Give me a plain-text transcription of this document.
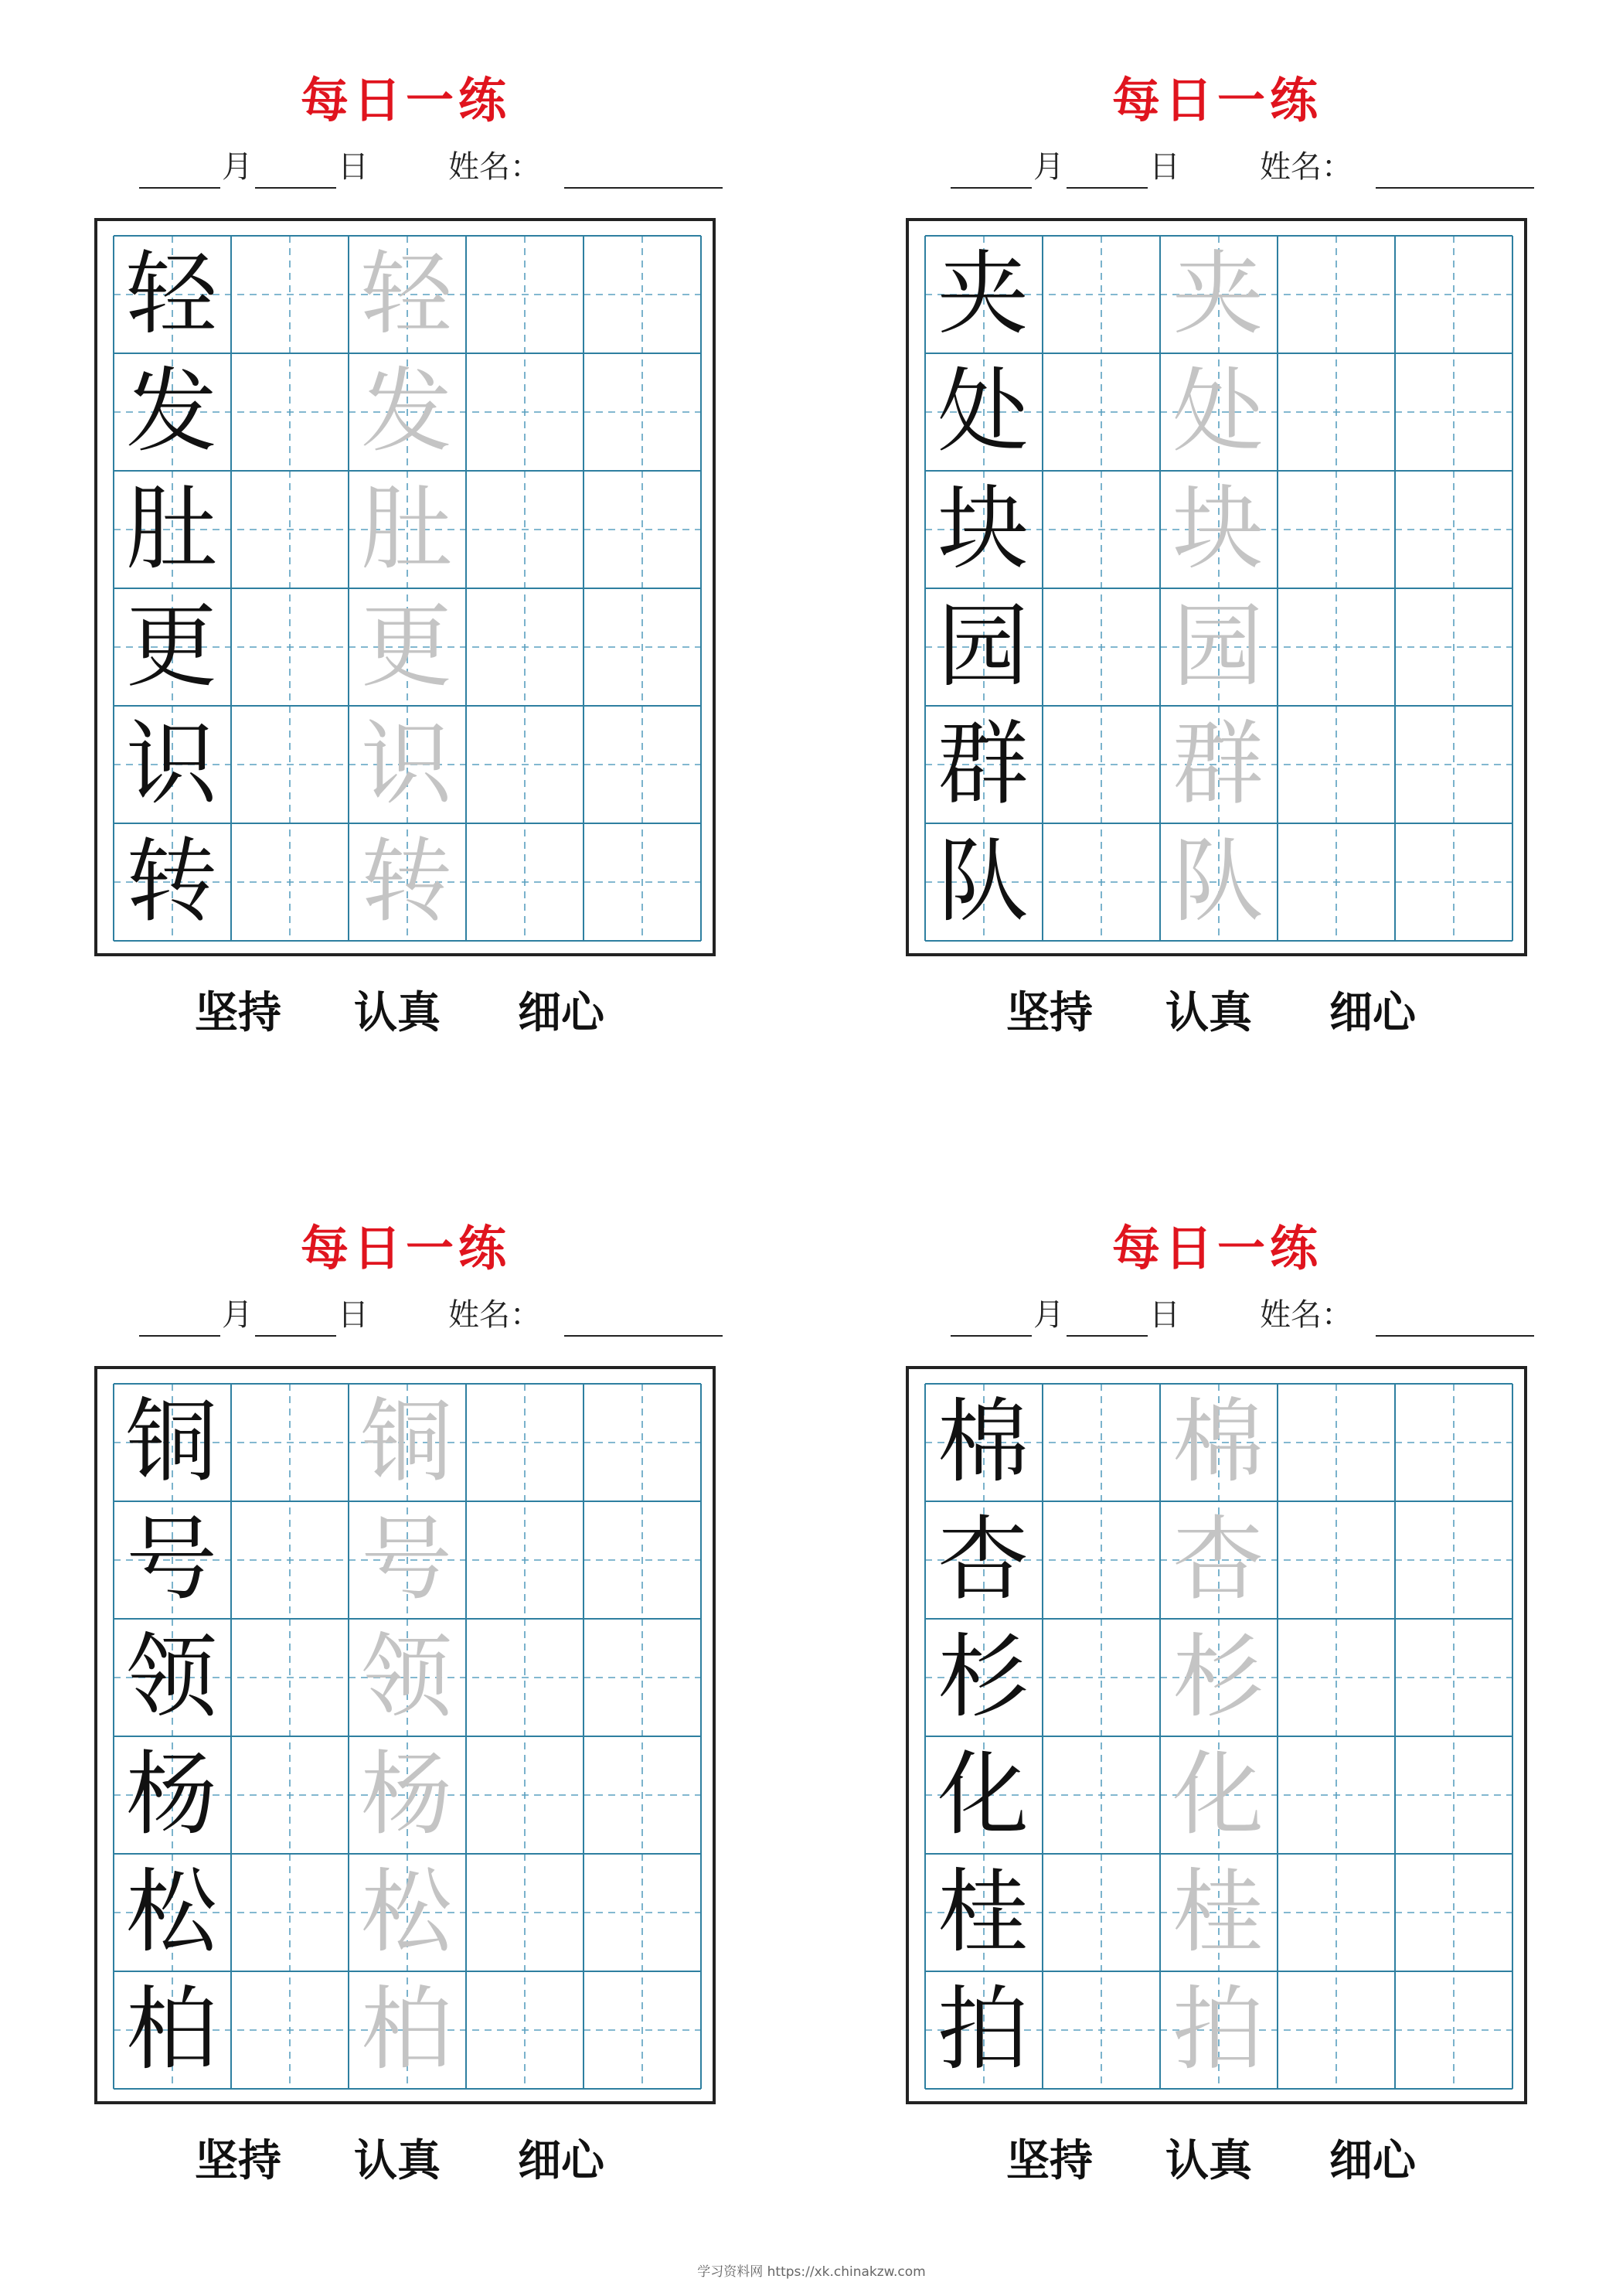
每日一练
月	日	姓名：
轻 轻
发 发
肚 肚
更 更
识 识
转 转
坚持 认真 细心
每日一练
月	日	姓名：
夹 夹
处 处
块 块
园 园
群 群
队 队
坚持 认真 细心
每日一练
月	日	姓名：
铜 铜
号 号
领 领
杨 杨
松 松
柏 柏
坚持 认真 细心
每日一练
月	日	姓名：
棉 棉
杏 杏
杉 杉
化 化
桂 桂
拍 拍
坚持 认真 细心
学习资料网 https://xk.chinakzw.com
